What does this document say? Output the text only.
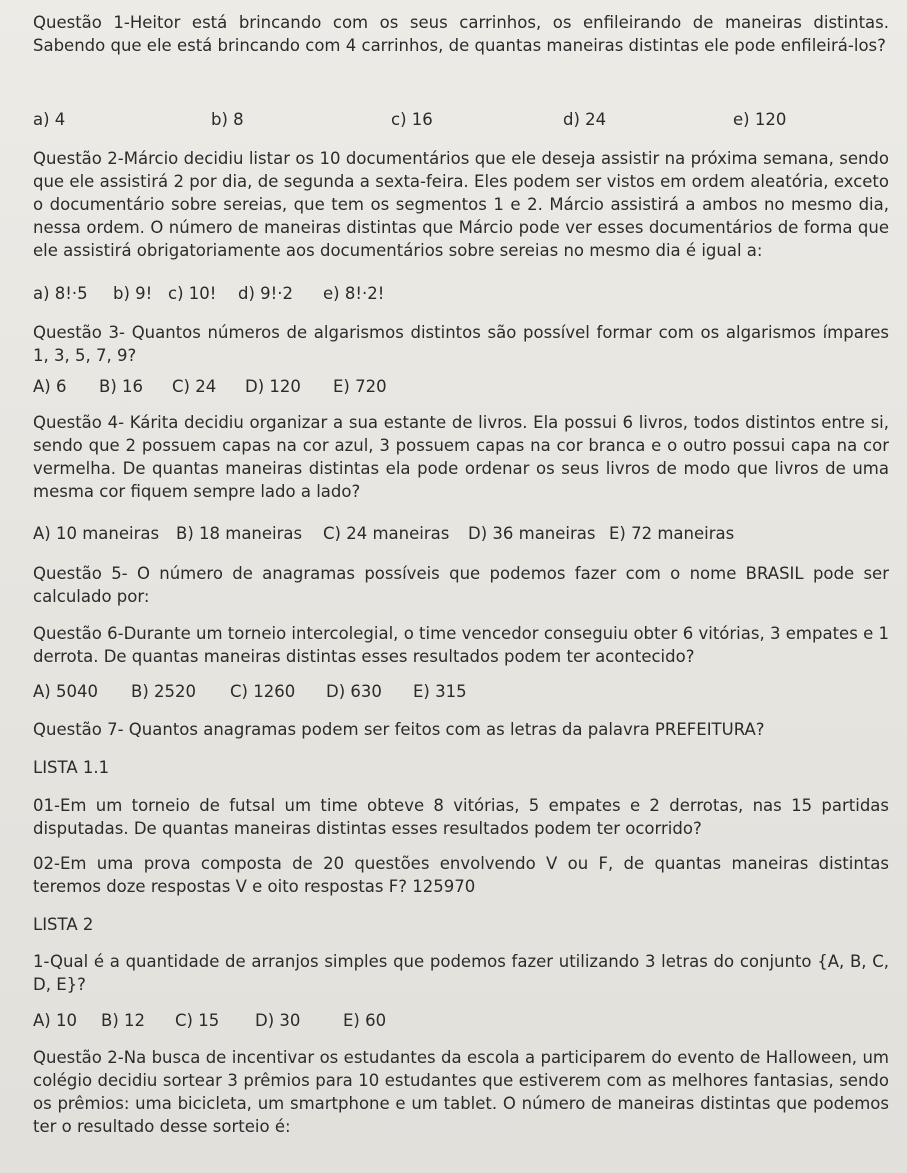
Questão 1-Heitor está brincando com os seus carrinhos, os enfileirando de maneiras distintas. Sabendo que ele está brincando com 4 carrinhos, de quantas maneiras distintas ele pode enfileirá-los?

a) 4	b) 8	c) 16	d) 24	e) 120

Questão 2-Márcio decidiu listar os 10 documentários que ele deseja assistir na próxima semana, sendo que ele assistirá 2 por dia, de segunda a sexta-feira. Eles podem ser vistos em ordem aleatória, exceto o documentário sobre sereias, que tem os segmentos 1 e 2. Márcio assistirá a ambos no mesmo dia, nessa ordem. O número de maneiras distintas que Márcio pode ver esses documentários de forma que ele assistirá obrigatoriamente aos documentários sobre sereias no mesmo dia é igual a:

a) 8!·5 b) 9! c) 10! d) 9!·2 e) 8!·2!

Questão 3- Quantos números de algarismos distintos são possível formar com os algarismos ímpares 1, 3, 5, 7, 9?

A) 6 B) 16 C) 24 D) 120 E) 720

Questão 4- Kárita decidiu organizar a sua estante de livros. Ela possui 6 livros, todos distintos entre si, sendo que 2 possuem capas na cor azul, 3 possuem capas na cor branca e o outro possui capa na cor vermelha. De quantas maneiras distintas ela pode ordenar os seus livros de modo que livros de uma mesma cor fiquem sempre lado a lado?

A) 10 maneiras B) 18 maneiras C) 24 maneiras D) 36 maneiras E) 72 maneiras

Questão 5- O número de anagramas possíveis que podemos fazer com o nome BRASIL pode ser calculado por:

Questão 6-Durante um torneio intercolegial, o time vencedor conseguiu obter 6 vitórias, 3 empates e 1 derrota. De quantas maneiras distintas esses resultados podem ter acontecido?

A) 5040 B) 2520 C) 1260 D) 630 E) 315

Questão 7- Quantos anagramas podem ser feitos com as letras da palavra PREFEITURA?

LISTA 1.1

01-Em um torneio de futsal um time obteve 8 vitórias, 5 empates e 2 derrotas, nas 15 partidas disputadas. De quantas maneiras distintas esses resultados podem ter ocorrido?

02-Em uma prova composta de 20 questões envolvendo V ou F, de quantas maneiras distintas teremos doze respostas V e oito respostas F? 125970

LISTA 2

1-Qual é a quantidade de arranjos simples que podemos fazer utilizando 3 letras do conjunto {A, B, C, D, E}?

A) 10 B) 12 C) 15 D) 30	E) 60

Questão 2-Na busca de incentivar os estudantes da escola a participarem do evento de Halloween, um colégio decidiu sortear 3 prêmios para 10 estudantes que estiverem com as melhores fantasias, sendo os prêmios: uma bicicleta, um smartphone e um tablet. O número de maneiras distintas que podemos ter o resultado desse sorteio é:
